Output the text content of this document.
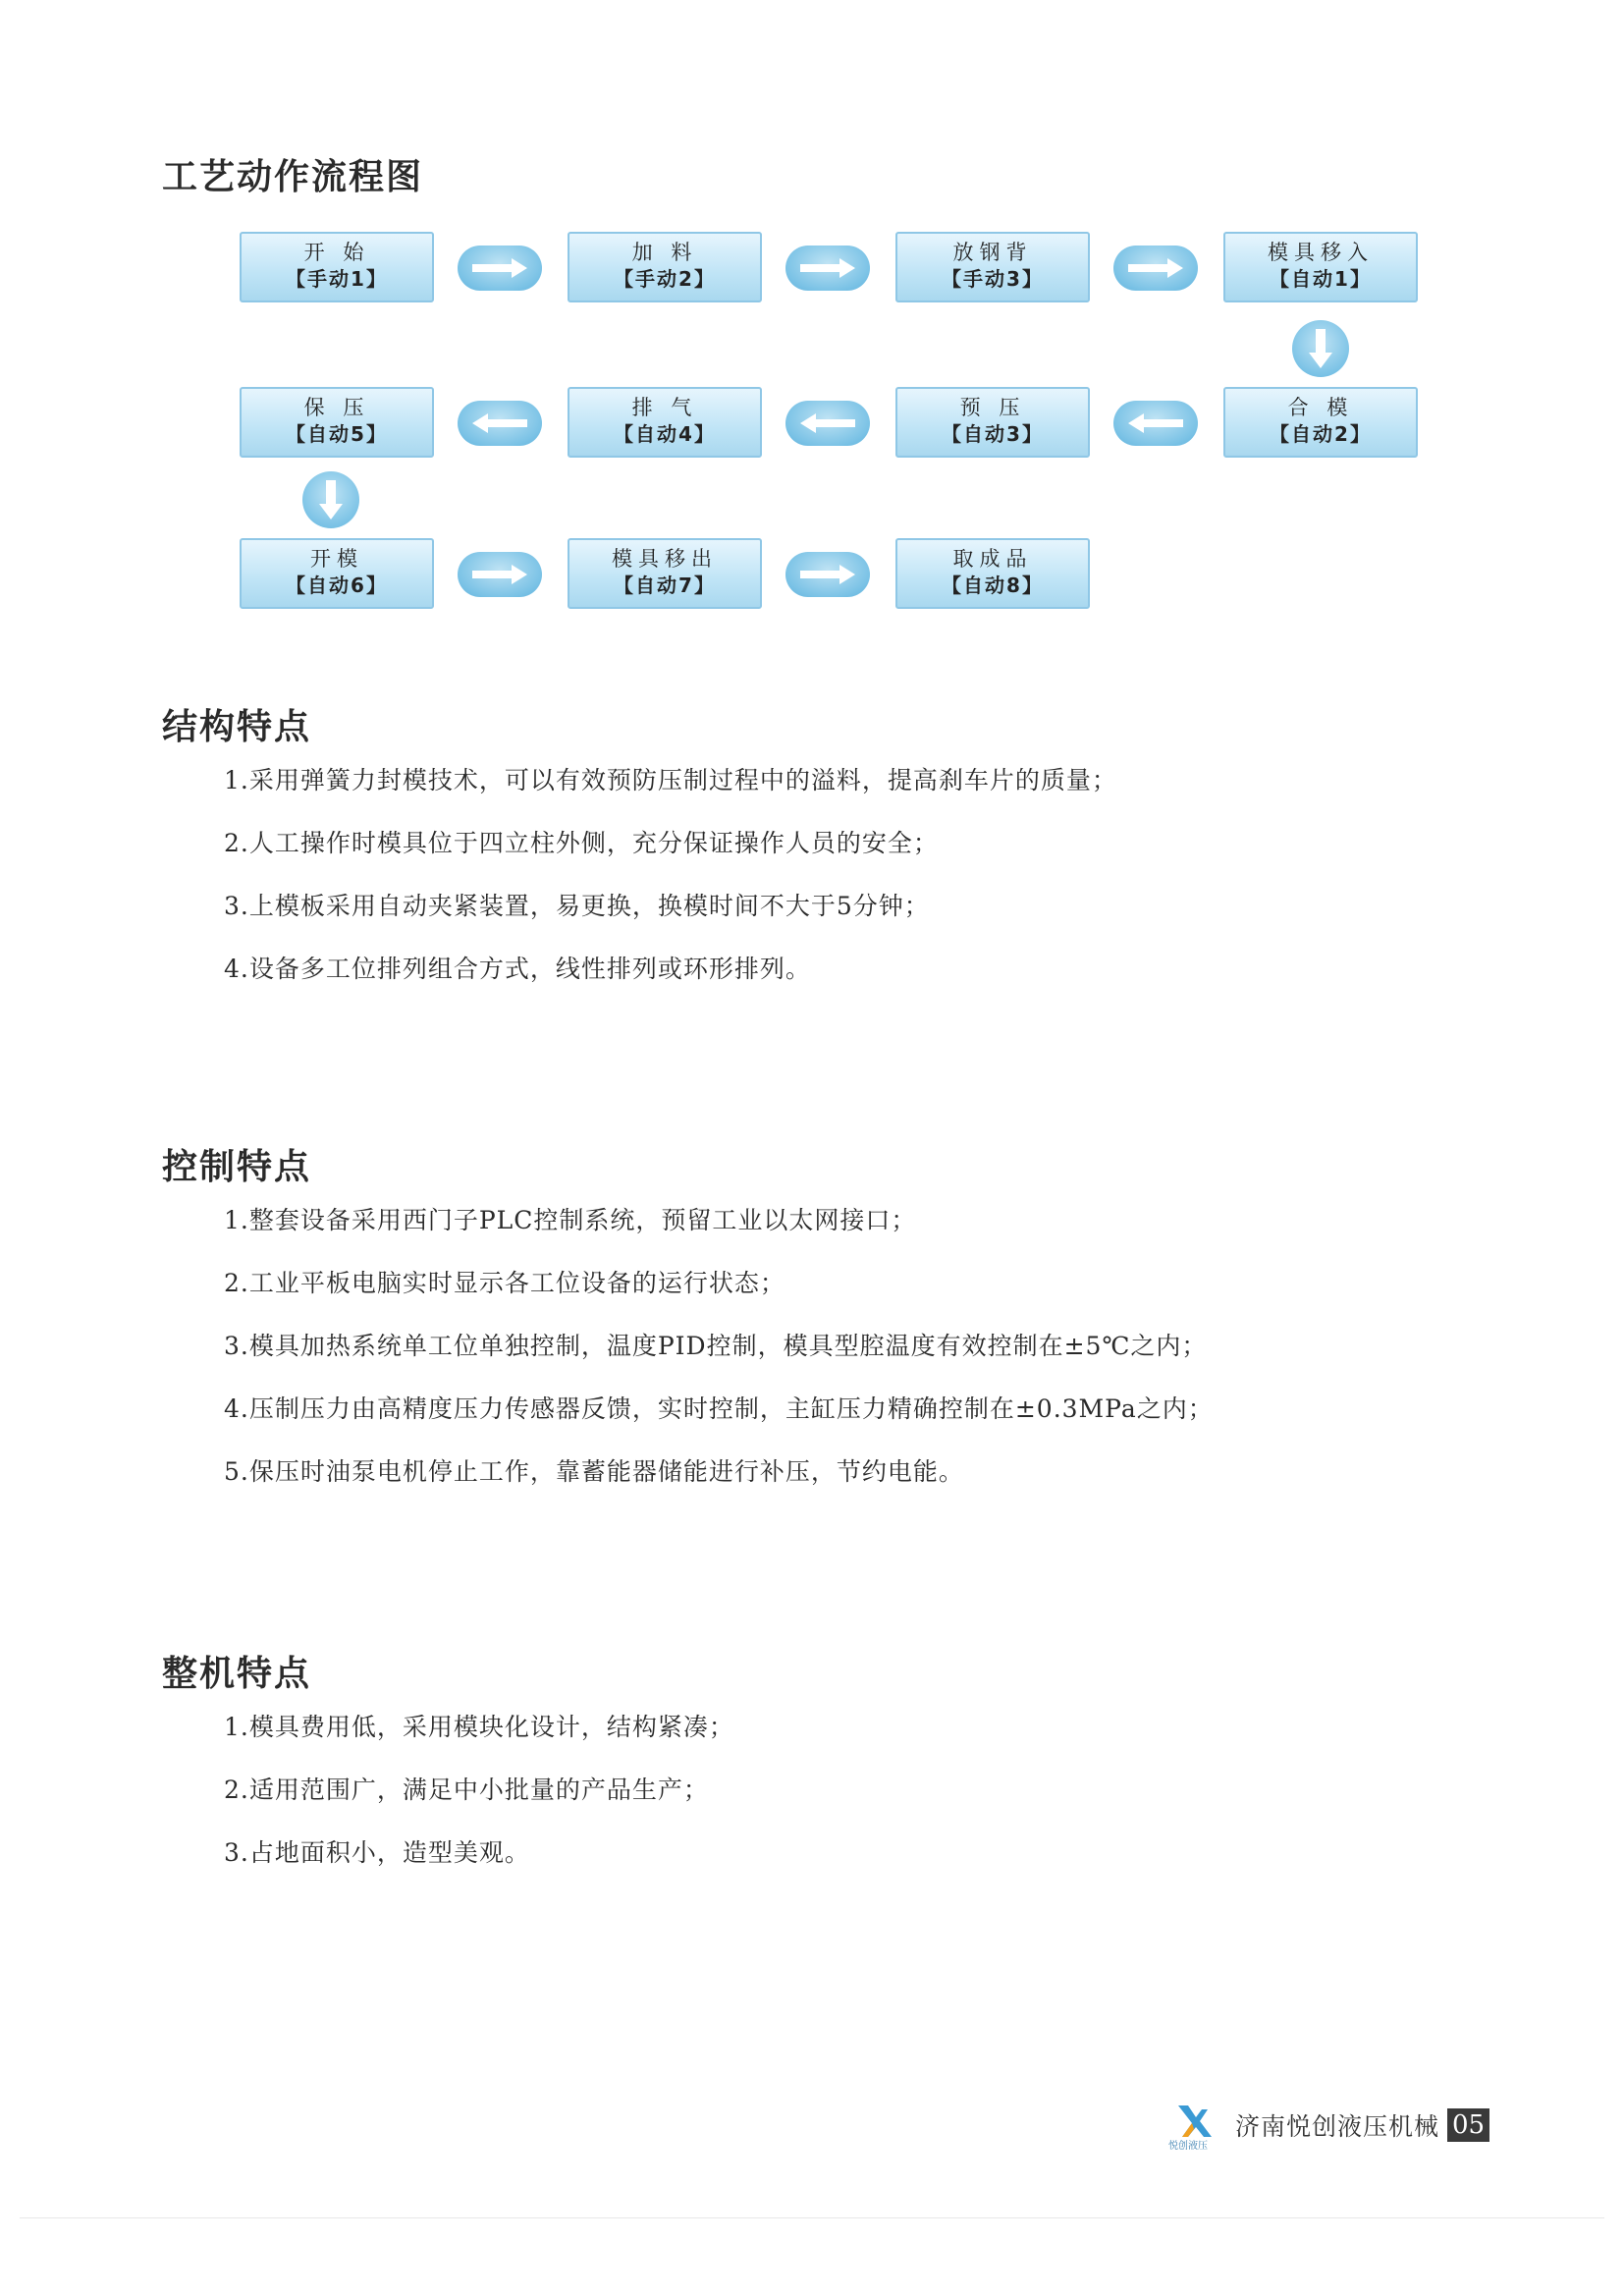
工艺动作流程图
开 始
【手动1】
加 料
【手动2】
放钢背
【手动3】
模具移入
【自动1】
保 压
【自动5】
排 气
【自动4】
预 压
【自动3】
合 模
【自动2】
开模
【自动6】
模具移出
【自动7】
取成品
【自动8】
结构特点
1.采用弹簧力封模技术，可以有效预防压制过程中的溢料，提高刹车片的质量；
2.人工操作时模具位于四立柱外侧，充分保证操作人员的安全；
3.上模板采用自动夹紧装置，易更换，换模时间不大于5分钟；
4.设备多工位排列组合方式，线性排列或环形排列。
控制特点
1.整套设备采用西门子PLC控制系统，预留工业以太网接口；
2.工业平板电脑实时显示各工位设备的运行状态；
3.模具加热系统单工位单独控制，温度PID控制，模具型腔温度有效控制在±5℃之内；
4.压制压力由高精度压力传感器反馈，实时控制，主缸压力精确控制在±0.3MPa之内；
5.保压时油泵电机停止工作，靠蓄能器储能进行补压，节约电能。
整机特点
1.模具费用低，采用模块化设计，结构紧凑；
2.适用范围广，满足中小批量的产品生产；
3.占地面积小，造型美观。
悦创液压
济南悦创液压机械 05
